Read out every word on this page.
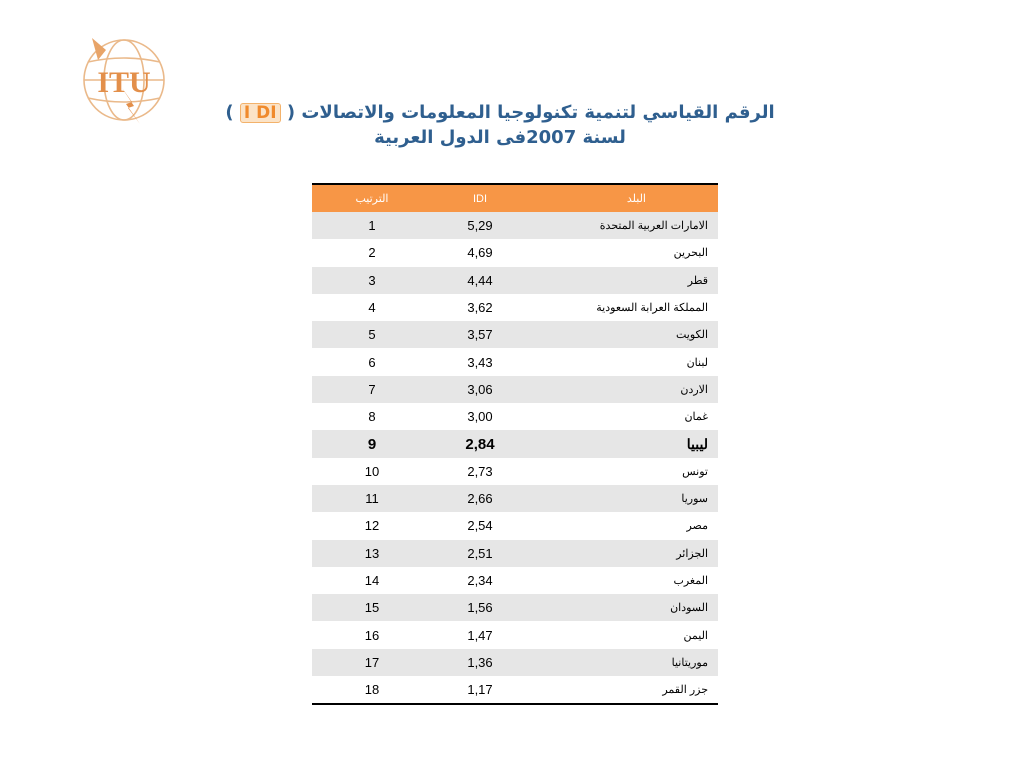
ITU
الرقم القياسي لتنمية تكنولوجيا المعلومات والاتصالات ( I DI )
لسنة 2007فى الدول العربية
الترتيب	IDI	البلد
1	5,29	الامارات العربية المتحدة
2	4,69	البحرين
3	4,44	قطر
4	3,62	المملكة العرابة السعودية
5	3,57	الكويت
6	3,43	لبنان
7	3,06	الاردن
8	3,00	غمان
9	2,84	ليبيا
10	2,73	تونس
11	2,66	سوريا
12	2,54	مصر
13	2,51	الجزائر
14	2,34	المغرب
15	1,56	السودان
16	1,47	اليمن
17	1,36	موريتانيا
18	1,17	جزر القمر
